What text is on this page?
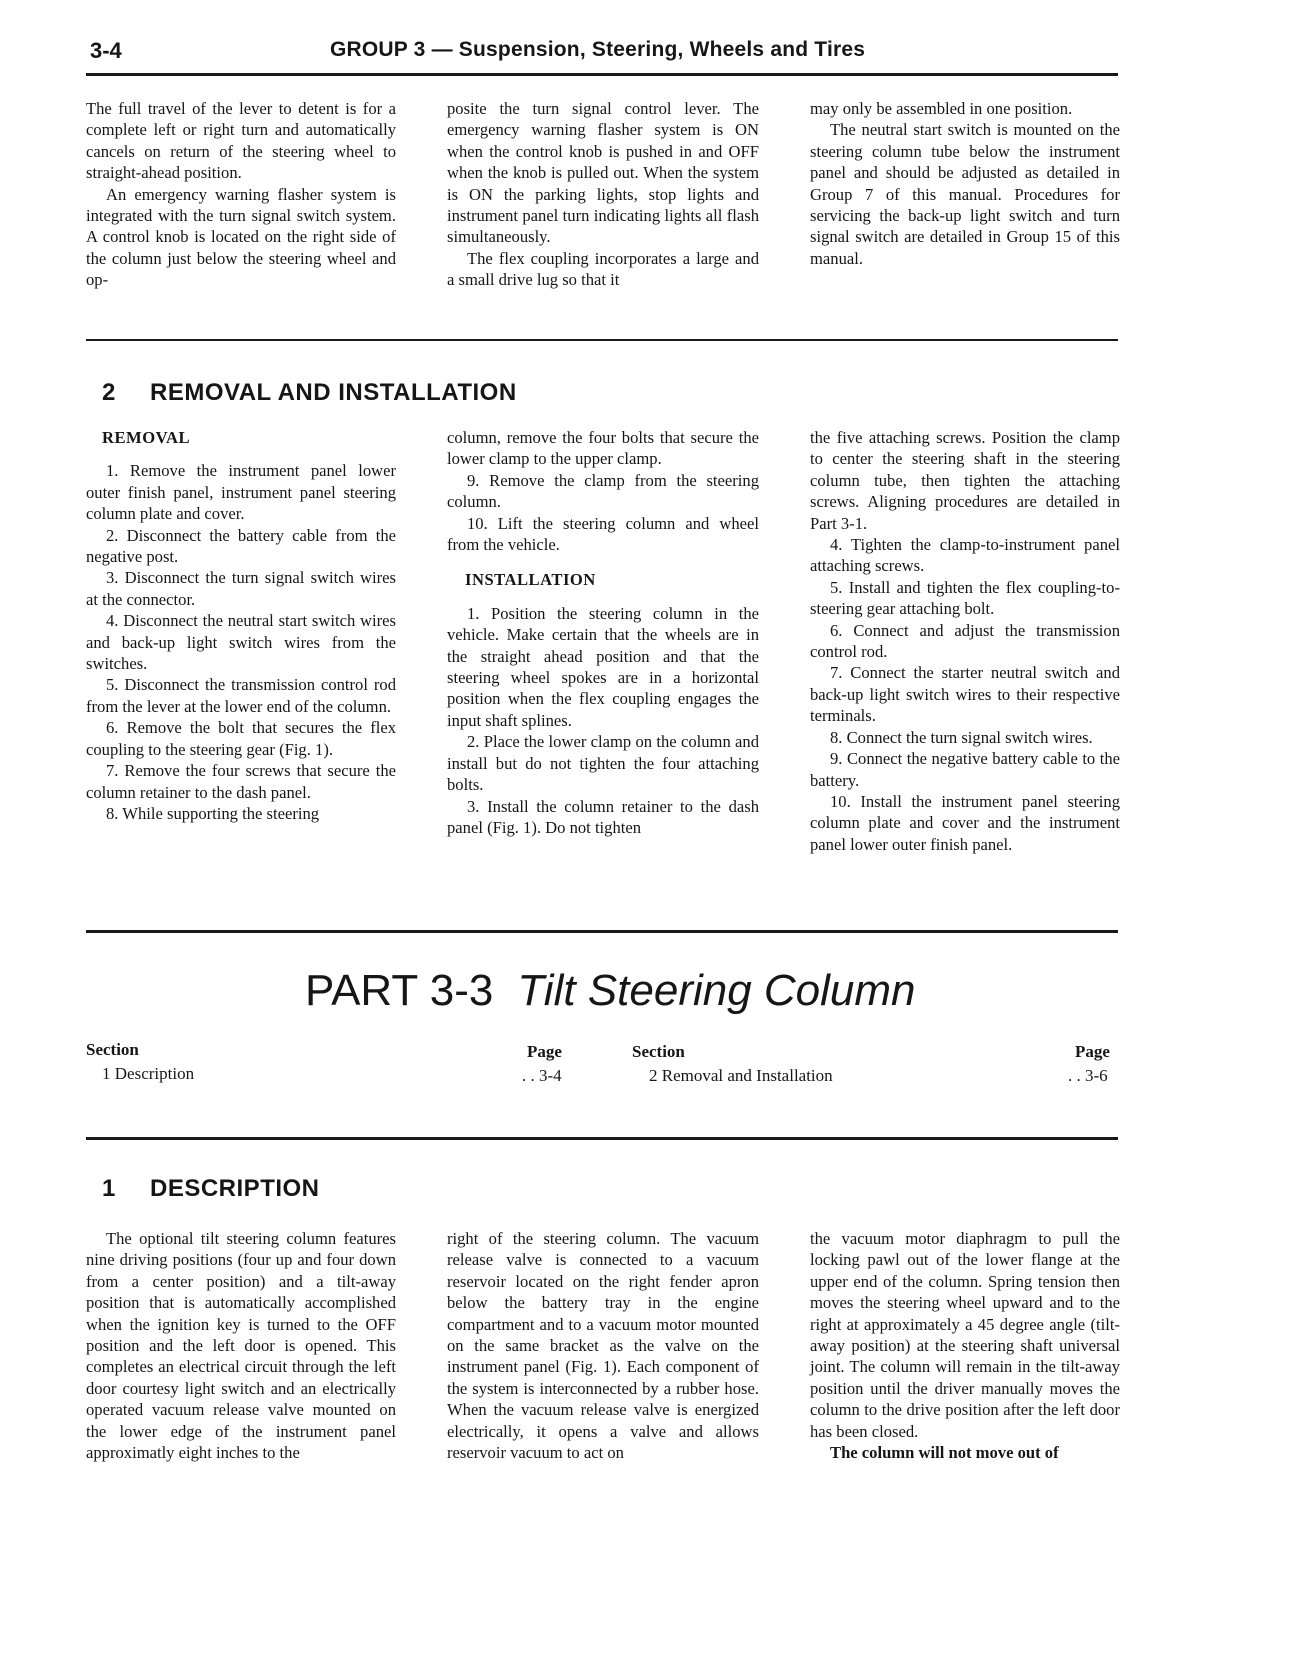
3-4	GROUP 3 — Suspension, Steering, Wheels and Tires

The full travel of the lever to detent is for a complete left or right turn and automatically cancels on return of the steering wheel to straight-ahead position.

An emergency warning flasher system is integrated with the turn signal switch system. A control knob is located on the right side of the column just below the steering wheel and op-

posite the turn signal control lever. The emergency warning flasher system is ON when the control knob is pushed in and OFF when the knob is pulled out. When the system is ON the parking lights, stop lights and instrument panel turn indicating lights all flash simultaneously.

The flex coupling incorporates a large and a small drive lug so that it

may only be assembled in one position.

The neutral start switch is mounted on the steering column tube below the instrument panel and should be adjusted as detailed in Group 7 of this manual. Procedures for servicing the back-up light switch and turn signal switch are detailed in Group 15 of this manual.

2 REMOVAL AND INSTALLATION

REMOVAL

1. Remove the instrument panel lower outer finish panel, instrument panel steering column plate and cover.

2. Disconnect the battery cable from the negative post.

3. Disconnect the turn signal switch wires at the connector.

4. Disconnect the neutral start switch wires and back-up light switch wires from the switches.

5. Disconnect the transmission control rod from the lever at the lower end of the column.

6. Remove the bolt that secures the flex coupling to the steering gear (Fig. 1).

7. Remove the four screws that secure the column retainer to the dash panel.

8. While supporting the steering

column, remove the four bolts that secure the lower clamp to the upper clamp.

9. Remove the clamp from the steering column.

10. Lift the steering column and wheel from the vehicle.

INSTALLATION

1. Position the steering column in the vehicle. Make certain that the wheels are in the straight ahead position and that the steering wheel spokes are in a horizontal position when the flex coupling engages the input shaft splines.

2. Place the lower clamp on the column and install but do not tighten the four attaching bolts.

3. Install the column retainer to the dash panel (Fig. 1). Do not tighten

the five attaching screws. Position the clamp to center the steering shaft in the steering column tube, then tighten the attaching screws. Aligning procedures are detailed in Part 3-1.

4. Tighten the clamp-to-instrument panel attaching screws.

5. Install and tighten the flex coupling-to-steering gear attaching bolt.

6. Connect and adjust the transmission control rod.

7. Connect the starter neutral switch and back-up light switch wires to their respective terminals.

8. Connect the turn signal switch wires.

9. Connect the negative battery cable to the battery.

10. Install the instrument panel steering column plate and cover and the instrument panel lower outer finish panel.

PART 3-3 Tilt Steering Column
Section
1 Description
Page
. . 3-4
Section
2 Removal and Installation
Page
. . 3-6
1 DESCRIPTION

The optional tilt steering column features nine driving positions (four up and four down from a center position) and a tilt-away position that is automatically accomplished when the ignition key is turned to the OFF position and the left door is opened. This completes an electrical circuit through the left door courtesy light switch and an electrically operated vacuum release valve mounted on the lower edge of the instrument panel approximatly eight inches to the

right of the steering column. The vacuum release valve is connected to a vacuum reservoir located on the right fender apron below the battery tray in the engine compartment and to a vacuum motor mounted on the same bracket as the valve on the instrument panel (Fig. 1). Each component of the system is interconnected by a rubber hose. When the vacuum release valve is energized electrically, it opens a valve and allows reservoir vacuum to act on

the vacuum motor diaphragm to pull the locking pawl out of the lower flange at the upper end of the column. Spring tension then moves the steering wheel upward and to the right at approximately a 45 degree angle (tilt-away position) at the steering shaft universal joint. The column will remain in the tilt-away position until the driver manually moves the column to the drive position after the left door has been closed.

The column will not move out of
